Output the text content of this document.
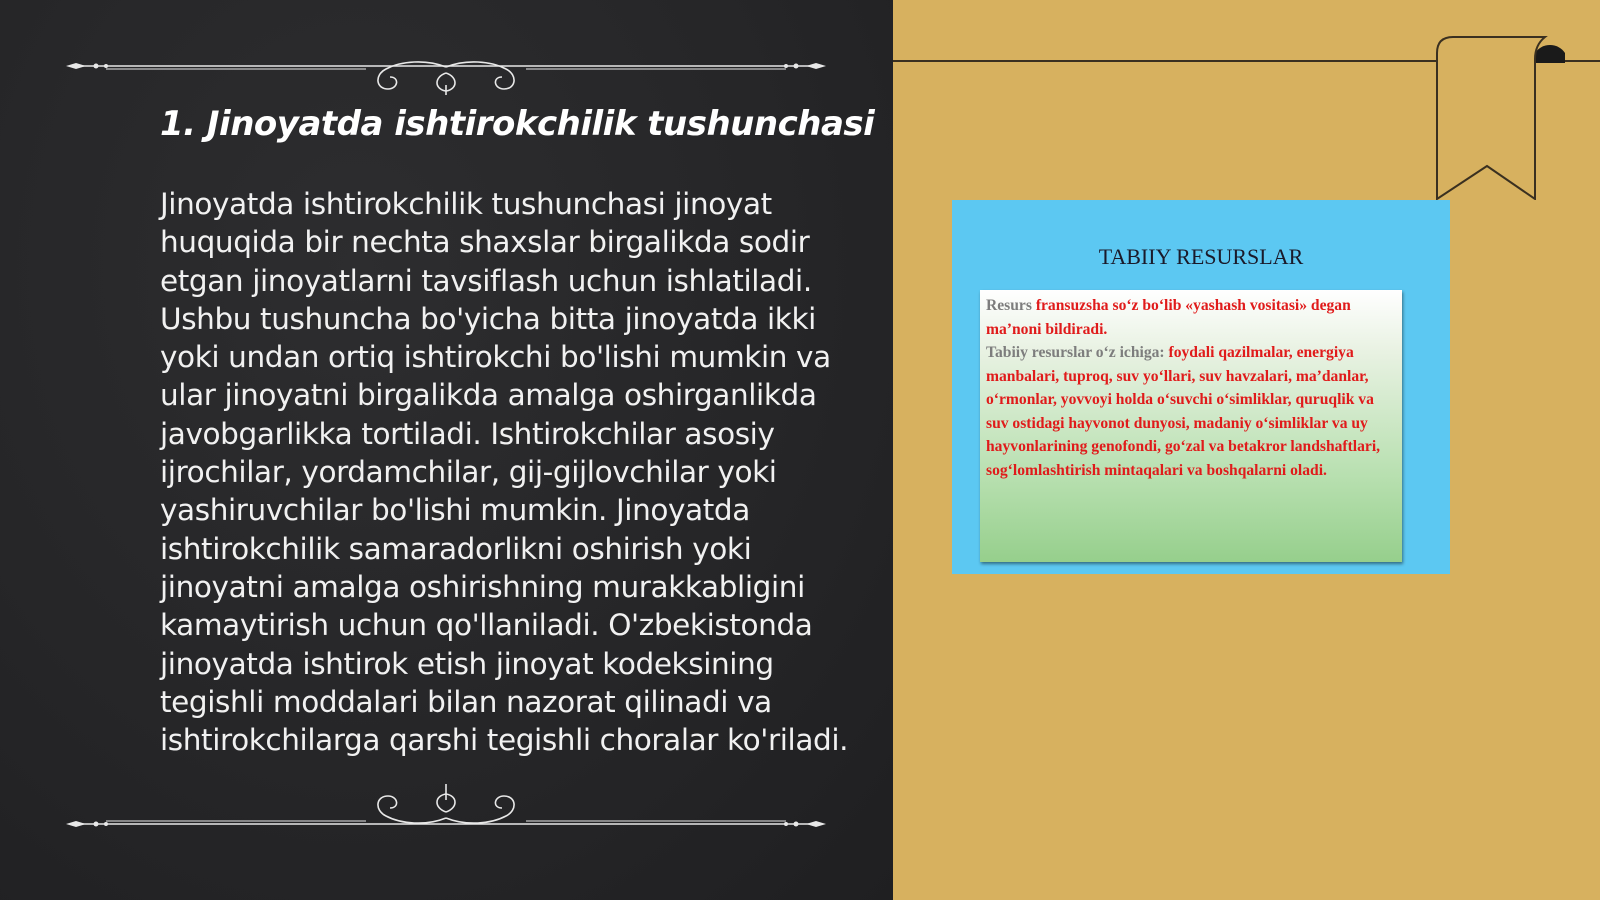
1. Jinoyatda ishtirokchilik tushunchasi

Jinoyatda ishtirokchilik tushunchasi jinoyat huquqida bir nechta shaxslar birgalikda sodir etgan jinoyatlarni tavsiflash uchun ishlatiladi. Ushbu tushuncha bo'yicha bitta jinoyatda ikki yoki undan ortiq ishtirokchi bo'lishi mumkin va ular jinoyatni birgalikda amalga oshirganlikda javobgarlikka tortiladi. Ishtirokchilar asosiy ijrochilar, yordamchilar, gij-gijlovchilar yoki yashiruvchilar bo'lishi mumkin. Jinoyatda ishtirokchilik samaradorlikni oshirish yoki jinoyatni amalga oshirishning murakkabligini kamaytirish uchun qo'llaniladi. O'zbekistonda jinoyatda ishtirok etish jinoyat kodeksining tegishli moddalari bilan nazorat qilinadi va ishtirokchilarga qarshi tegishli choralar ko'riladi.

TABIIY RESURSLAR

Resurs fransuzsha so‘z bo‘lib «yashash vositasi» degan ma’noni bildiradi.

Tabiiy resurslar o‘z ichiga: foydali qazilmalar, energiya manbalari, tuproq, suv yo‘llari, suv havzalari, ma’danlar, o‘rmonlar, yovvoyi holda o‘suvchi o‘simliklar, quruqlik va suv ostidagi hayvonot dunyosi, madaniy o‘simliklar va uy hayvonlarining genofondi, go‘zal va betakror landshaftlari, sog‘lomlashtirish mintaqalari va boshqalarni oladi.
